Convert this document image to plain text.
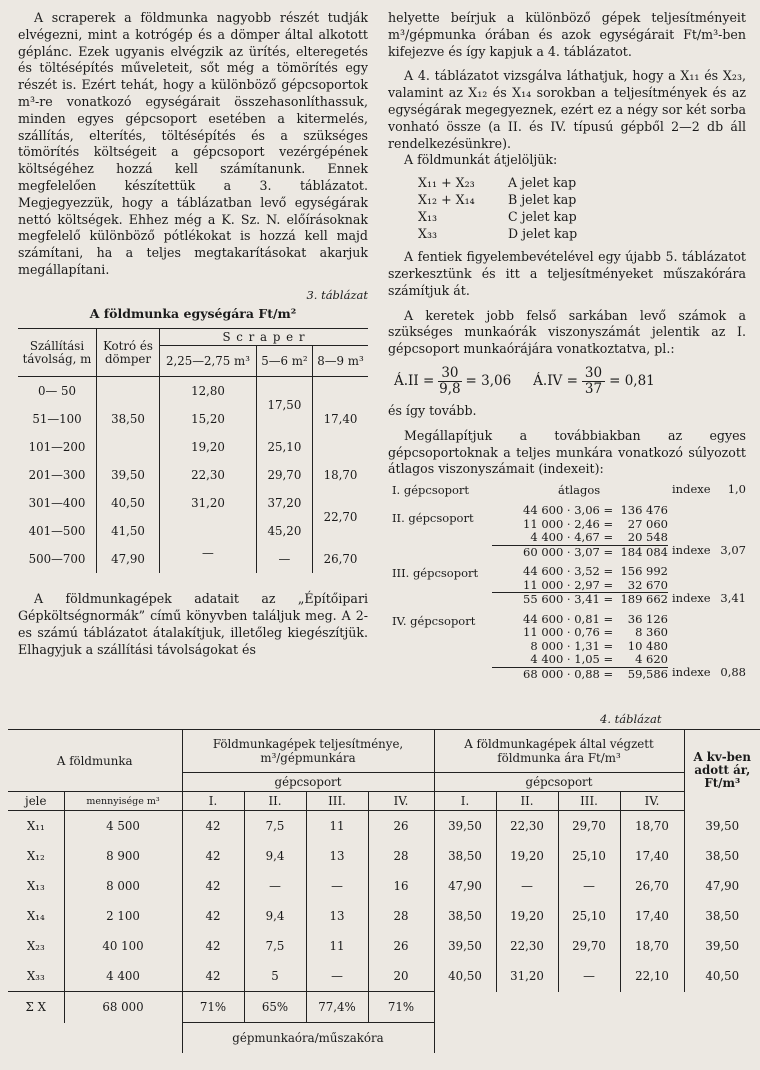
A scraperek a földmunka nagyobb részét tudják elvégezni, mint a kotrógép és a dömper által alkotott géplánc. Ezek ugyanis elvégzik az ürítés, elteregetés és töltésépítés műveleteit, sőt még a tömörítés egy részét is. Ezért tehát, hogy a különböző gépcsoportok m³-re vonatkozó egységárait összehasonlíthassuk, minden egyes gépcsoport esetében a kitermelés, szállítás, elterítés, töltésépítés és a szükséges tömörítés költségeit a gépcsoport vezérgépének költségéhez hozzá kell számítanunk. Ennek megfelelően készítettük a 3. táblázatot. Megjegyezzük, hogy a táblázatban levő egységárak nettó költségek. Ehhez még a K. Sz. N. előírásoknak megfelelő különböző pótlékokat is hozzá kell majd számítani, ha a teljes megtakarításokat akarjuk megállapítani.

3. táblázat
A földmunka egységára Ft/m²
Szállítási távolság, m	Kotró és dömper	S c r a p e r		
		2,25—2,75 m³	5—6 m²	8—9 m³
0— 50		12,80	17,50	17,40
51—100	38,50	15,20		
101—200		19,20	25,10	
201—300	39,50	22,30	29,70	18,70
301—400	40,50	31,20	37,20	22,70
401—500	41,50		45,20	
500—700	47,90	—	—	26,70

A földmunkagépek adatait az „Építőipari Gépköltségnormák” című könyvben találjuk meg. A 2-es számú táblázatot átalakítjuk, illetőleg kiegészítjük. Elhagyjuk a szállítási távolságokat és

helyette beírjuk a különböző gépek teljesítményeit m³/gépmunka órában és azok egységárait Ft/m³-ben kifejezve és így kapjuk a 4. táblázatot.

A 4. táblázatot vizsgálva láthatjuk, hogy a X₁₁ és X₂₃, valamint az X₁₂ és X₁₄ sorokban a teljesítmények és az egységárak megegyeznek, ezért ez a négy sor két sorba vonható össze (a II. és IV. típusú gépből 2—2 db áll rendelkezésünkre).

A földmunkát átjelöljük:

X₁₁ + X₂₃	A jelet kap
X₁₂ + X₁₄	B jelet kap
X₁₃	C jelet kap
X₃₃	D jelet kap

A fentiek figyelembevételével egy újabb 5. táblázatot szerkesztünk és itt a teljesítményeket műszakórára számítjuk át.

A keretek jobb felső sarkában levő számok a szükséges munkaórák viszonyszámát jelentik az I. gépcsoport munkaórájára vonatkoztatva, pl.:

Á.II = $\frac{30}{9,8} = 3,06$ Á.IV = $\frac{30}{37} = 0,81$

és így tovább.

Megállapítjuk a továbbiakban az egyes gépcsoportoknak a teljes munkára vonatkozó súlyozott átlagos viszonyszámait (indexeit):

I. gépcsoport	átlagos	indexe 1,0
II. gépcsoport
44 600 · 3,06 =  136 476
11 000 · 2,46 =    27 060
4 400 · 4,67 =    20 548
60 000 · 3,07 =  184 084 indexe 3,07
III. gépcsoport	44 600 · 3,52 =  156 992
11 000 · 2,97 =    32 670
55 600 · 3,41 =  189 662 indexe 3,41
IV. gépcsoport	44 600 · 0,81 =    36 126
11 000 · 0,76 =      8 360
8 000 · 1,31 =    10 480
4 400 · 1,05 =      4 620
68 000 · 0,88 =    59,586 indexe 0,88
4. táblázat
A földmunka		Földmunkagépek teljesítménye, m³/gépmunkára				A földmunkagépek által végzett földmunka ára Ft/m³				A kv-ben adott ár, Ft/m³
		gépcsoport				gépcsoport				
jele	mennyisége m³	I.	II.	III.	IV.	I.	II.	III.	IV.	
X₁₁	4 500	42	7,5	11	26	39,50	22,30	29,70	18,70	39,50
X₁₂	8 900	42	9,4	13	28	38,50	19,20	25,10	17,40	38,50
X₁₃	8 000	42	—	—	16	47,90	—	—	26,70	47,90
X₁₄	2 100	42	9,4	13	28	38,50	19,20	25,10	17,40	38,50
X₂₃	40 100	42	7,5	11	26	39,50	22,30	29,70	18,70	39,50
X₃₃	4 400	42	5	—	20	40,50	31,20	—	22,10	40,50
Σ X	68 000	71%	65%	77,4%	71%					
		gépmunkaóra/műszakóra								
